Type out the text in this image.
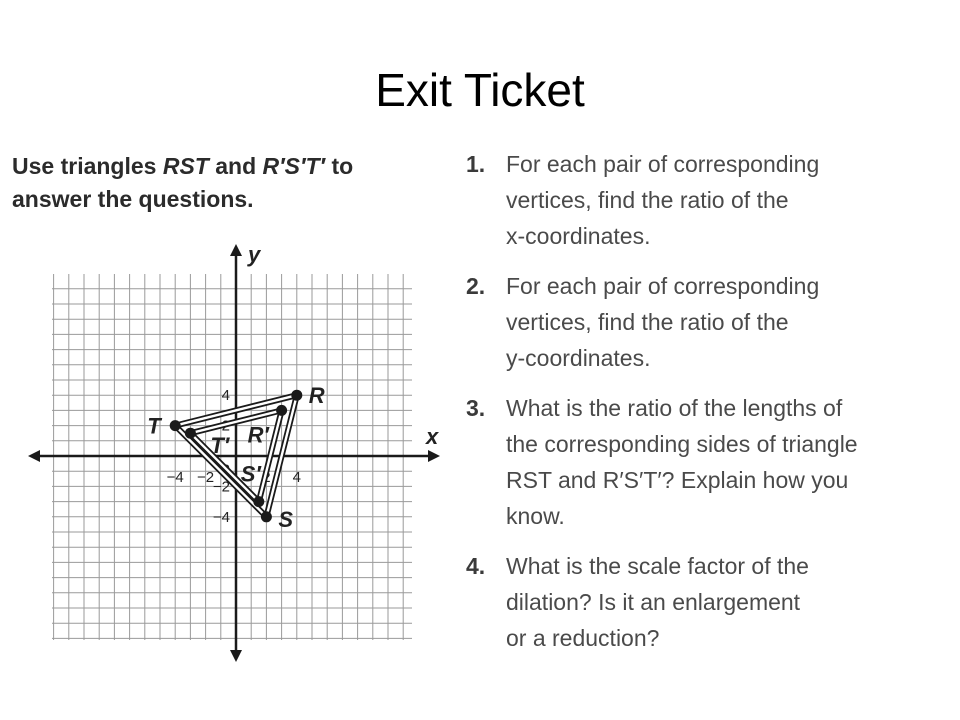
Exit Ticket
Use triangles RST and R′S′T′ to answer the questions.
x
y
−4 −2	2 4
4
2
−2
−4
0
R
S
T	R′
S′
T′
1. For each pair of corresponding
vertices, find the ratio of the
x-coordinates.
2. For each pair of corresponding
vertices, find the ratio of the
y-coordinates.
3. What is the ratio of the lengths of
the corresponding sides of triangle
RST and R′S′T′? Explain how you
know.
4. What is the scale factor of the
dilation? Is it an enlargement
or a reduction?
